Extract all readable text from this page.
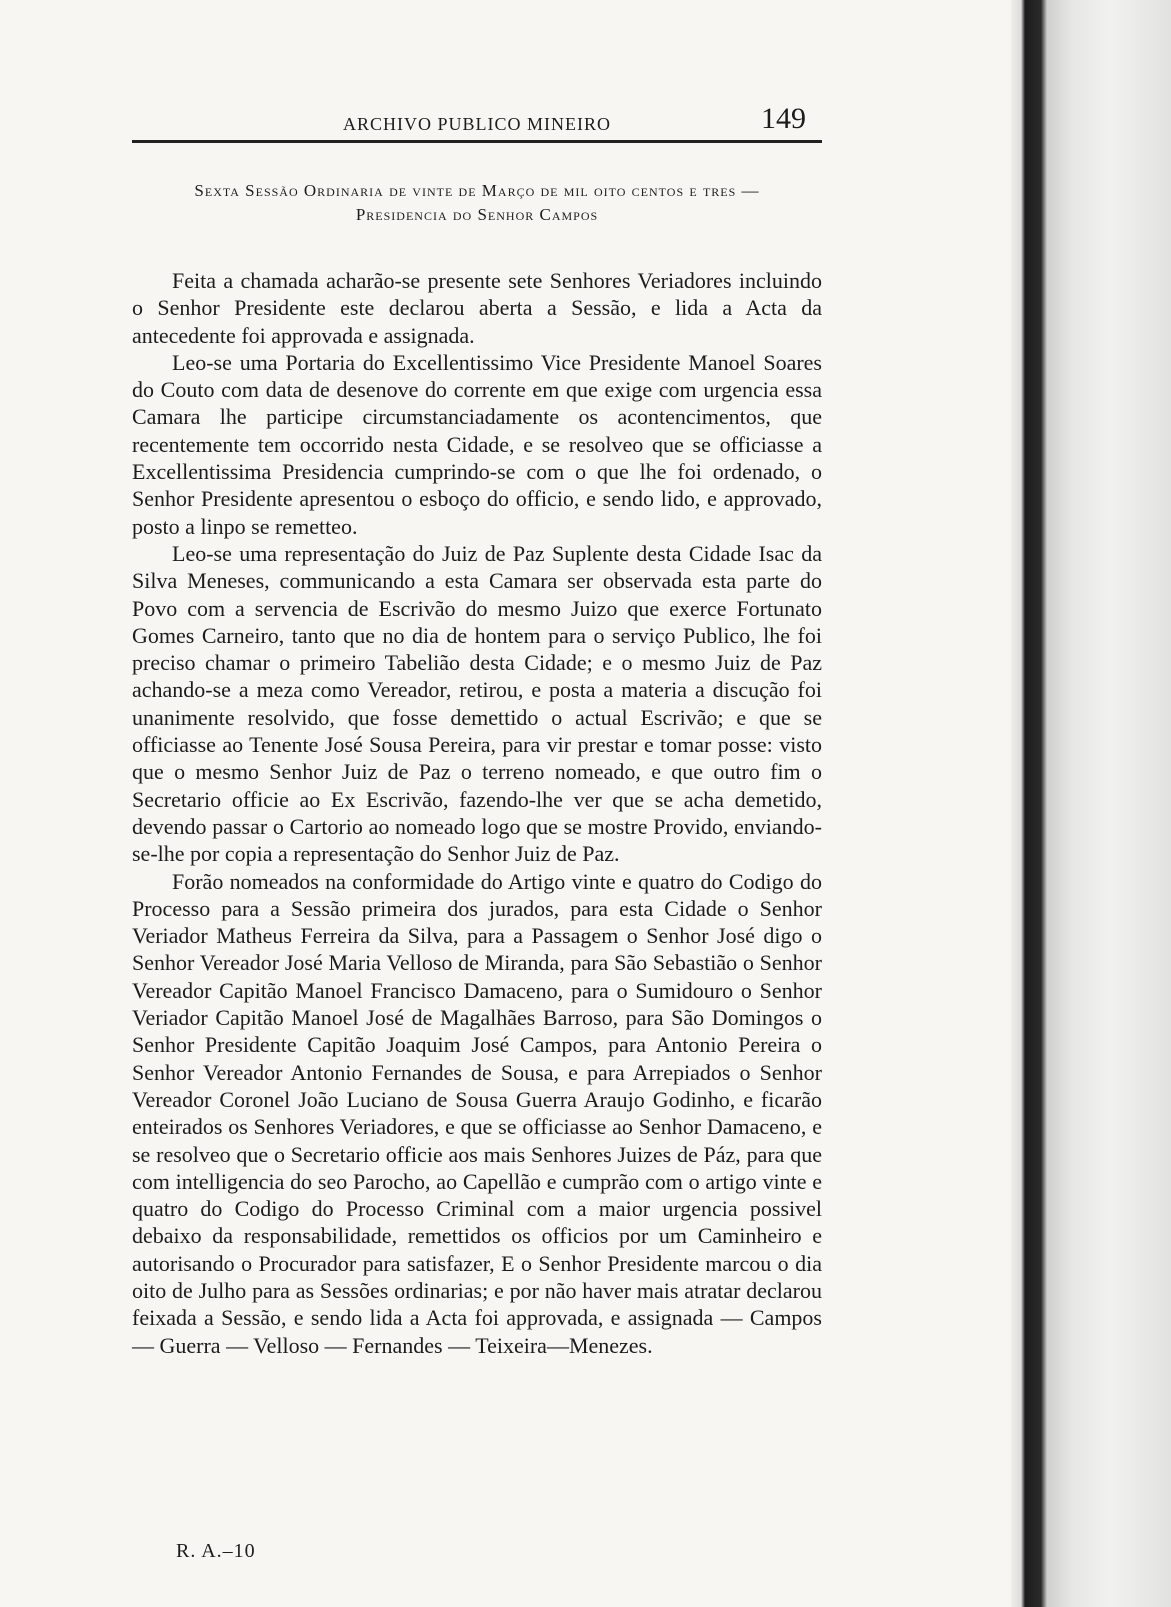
ARCHIVO PUBLICO MINEIRO	149
Sexta Sessão Ordinaria de vinte de Março de mil oito centos e tres —
Presidencia do Senhor Campos

Feita a chamada acharão-se presente sete Senhores Veriadores incluindo o Senhor Presidente este declarou aberta a Sessão, e lida a Acta da antecedente foi approvada e assignada.

Leo-se uma Portaria do Excellentissimo Vice Presidente Manoel Soares do Couto com data de desenove do corrente em que exige com urgencia essa Camara lhe participe circumstanciadamente os acontencimentos, que recentemente tem occorrido nesta Cidade, e se resolveo que se officiasse a Excellentissima Presidencia cumprindo-se com o que lhe foi ordenado, o Senhor Presidente apresentou o esboço do officio, e sendo lido, e approvado, posto a linpo se remetteo.

Leo-se uma representação do Juiz de Paz Suplente desta Cidade Isac da Silva Meneses, communicando a esta Camara ser observada esta parte do Povo com a servencia de Escrivão do mesmo Juizo que exerce Fortunato Gomes Carneiro, tanto que no dia de hontem para o serviço Publico, lhe foi preciso chamar o primeiro Tabelião desta Cidade; e o mesmo Juiz de Paz achando-se a meza como Vereador, retirou, e posta a materia a discução foi unanimente resolvido, que fosse demettido o actual Escrivão; e que se officiasse ao Tenente José Sousa Pereira, para vir prestar e tomar posse: visto que o mesmo Senhor Juiz de Paz o terreno nomeado, e que outro fim o Secretario officie ao Ex Escrivão, fazendo-lhe ver que se acha demetido, devendo passar o Cartorio ao nomeado logo que se mostre Provido, enviando-se-lhe por copia a representação do Senhor Juiz de Paz.

Forão nomeados na conformidade do Artigo vinte e quatro do Codigo do Processo para a Sessão primeira dos jurados, para esta Cidade o Senhor Veriador Matheus Ferreira da Silva, para a Passagem o Senhor José digo o Senhor Vereador José Maria Velloso de Miranda, para São Sebastião o Senhor Vereador Capitão Manoel Francisco Damaceno, para o Sumidouro o Senhor Veriador Capitão Manoel José de Magalhães Barroso, para São Domingos o Senhor Presidente Capitão Joaquim José Campos, para Antonio Pereira o Senhor Vereador Antonio Fernandes de Sousa, e para Arrepiados o Senhor Vereador Coronel João Luciano de Sousa Guerra Araujo Godinho, e ficarão enteirados os Senhores Veriadores, e que se officiasse ao Senhor Damaceno, e se resolveo que o Secretario officie aos mais Senhores Juizes de Páz, para que com intelligencia do seo Parocho, ao Capellão e cumprão com o artigo vinte e quatro do Codigo do Processo Criminal com a maior urgencia possivel debaixo da responsabilidade, remettidos os officios por um Caminheiro e autorisando o Procurador para satisfazer, E o Senhor Presidente marcou o dia oito de Julho para as Sessões ordinarias; e por não haver mais atratar declarou feixada a Sessão, e sendo lida a Acta foi approvada, e assignada — Campos — Guerra — Velloso — Fernandes — Teixeira—Menezes.

R. A.–10
